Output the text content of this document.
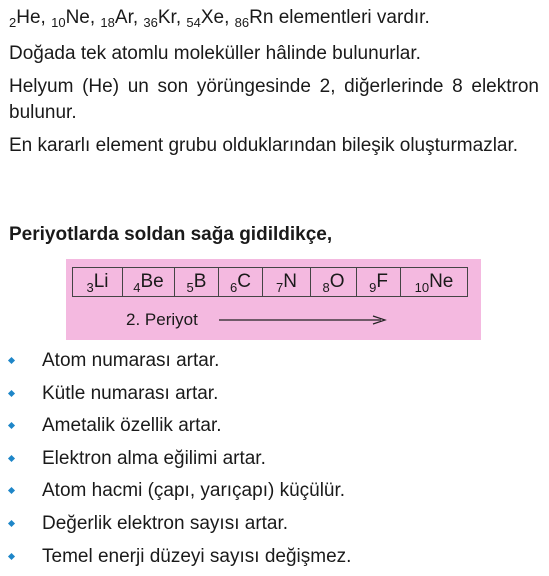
$_2$He, $_{10}$Ne, $_{18}$Ar, $_{36}$Kr, $_{54}$Xe, $_{86}$Rn elementleri vardır.

Doğada tek atomlu moleküller hâlinde bulunurlar.

Helyum (He) un son yörüngesinde 2, diğerlerinde 8 elektron bulunur.

En kararlı element grubu olduklarından bileşik oluşturmazlar.

Periyotlarda soldan sağa gidildikçe,

$_3$Li	$_4$Be	$_5$B	$_6$C	$_7$N	$_8$O	$_9$F	$_{10}$Ne
2. Periyot
Atom numarası artar.
Kütle numarası artar.
Ametalik özellik artar.
Elektron alma eğilimi artar.
Atom hacmi (çapı, yarıçapı) küçülür.
Değerlik elektron sayısı artar.
Temel enerji düzeyi sayısı değişmez.
